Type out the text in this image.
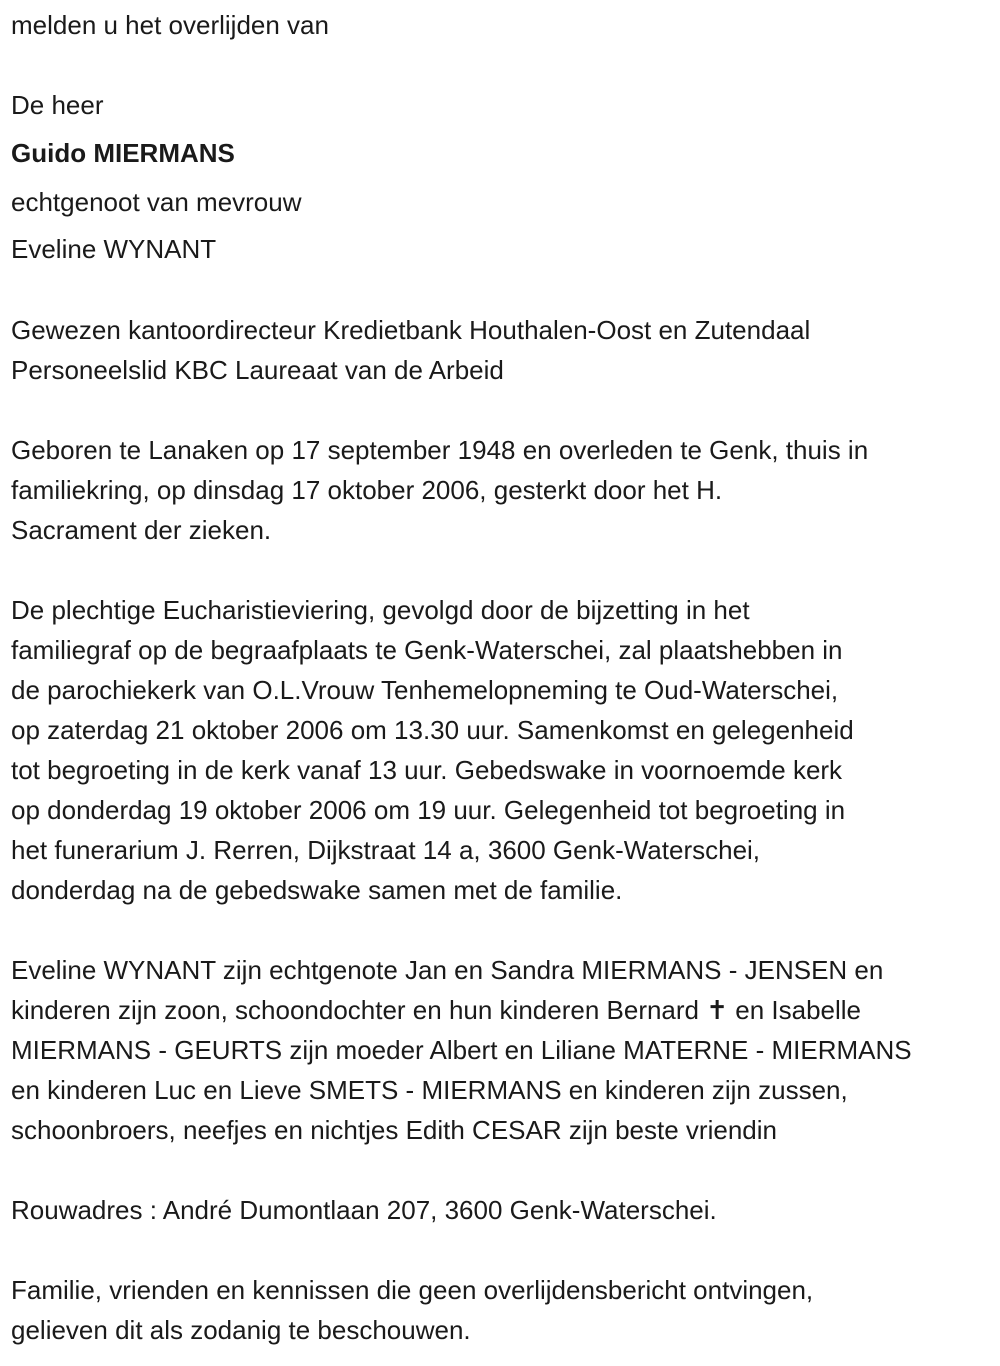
melden u het overlijden van
De heer
Guido MIERMANS
echtgenoot van mevrouw
Eveline WYNANT
Gewezen kantoordirecteur Kredietbank Houthalen-Oost en Zutendaal
Personeelslid KBC Laureaat van de Arbeid
Geboren te Lanaken op 17 september 1948 en overleden te Genk, thuis in
familiekring, op dinsdag 17 oktober 2006, gesterkt door het H.
Sacrament der zieken.
De plechtige Eucharistieviering, gevolgd door de bijzetting in het
familiegraf op de begraafplaats te Genk-Waterschei, zal plaatshebben in
de parochiekerk van O.L.Vrouw Tenhemelopneming te Oud-Waterschei,
op zaterdag 21 oktober 2006 om 13.30 uur. Samenkomst en gelegenheid
tot begroeting in de kerk vanaf 13 uur. Gebedswake in voornoemde kerk
op donderdag 19 oktober 2006 om 19 uur. Gelegenheid tot begroeting in
het funerarium J. Rerren, Dijkstraat 14 a, 3600 Genk-Waterschei,
donderdag na de gebedswake samen met de familie.
Eveline WYNANT zijn echtgenote Jan en Sandra MIERMANS - JENSEN en
kinderen zijn zoon, schoondochter en hun kinderen Bernard ✝ en Isabelle
MIERMANS - GEURTS zijn moeder Albert en Liliane MATERNE - MIERMANS
en kinderen Luc en Lieve SMETS - MIERMANS en kinderen zijn zussen,
schoonbroers, neefjes en nichtjes Edith CESAR zijn beste vriendin
Rouwadres : André Dumontlaan 207, 3600 Genk-Waterschei.
Familie, vrienden en kennissen die geen overlijdensbericht ontvingen,
gelieven dit als zodanig te beschouwen.
